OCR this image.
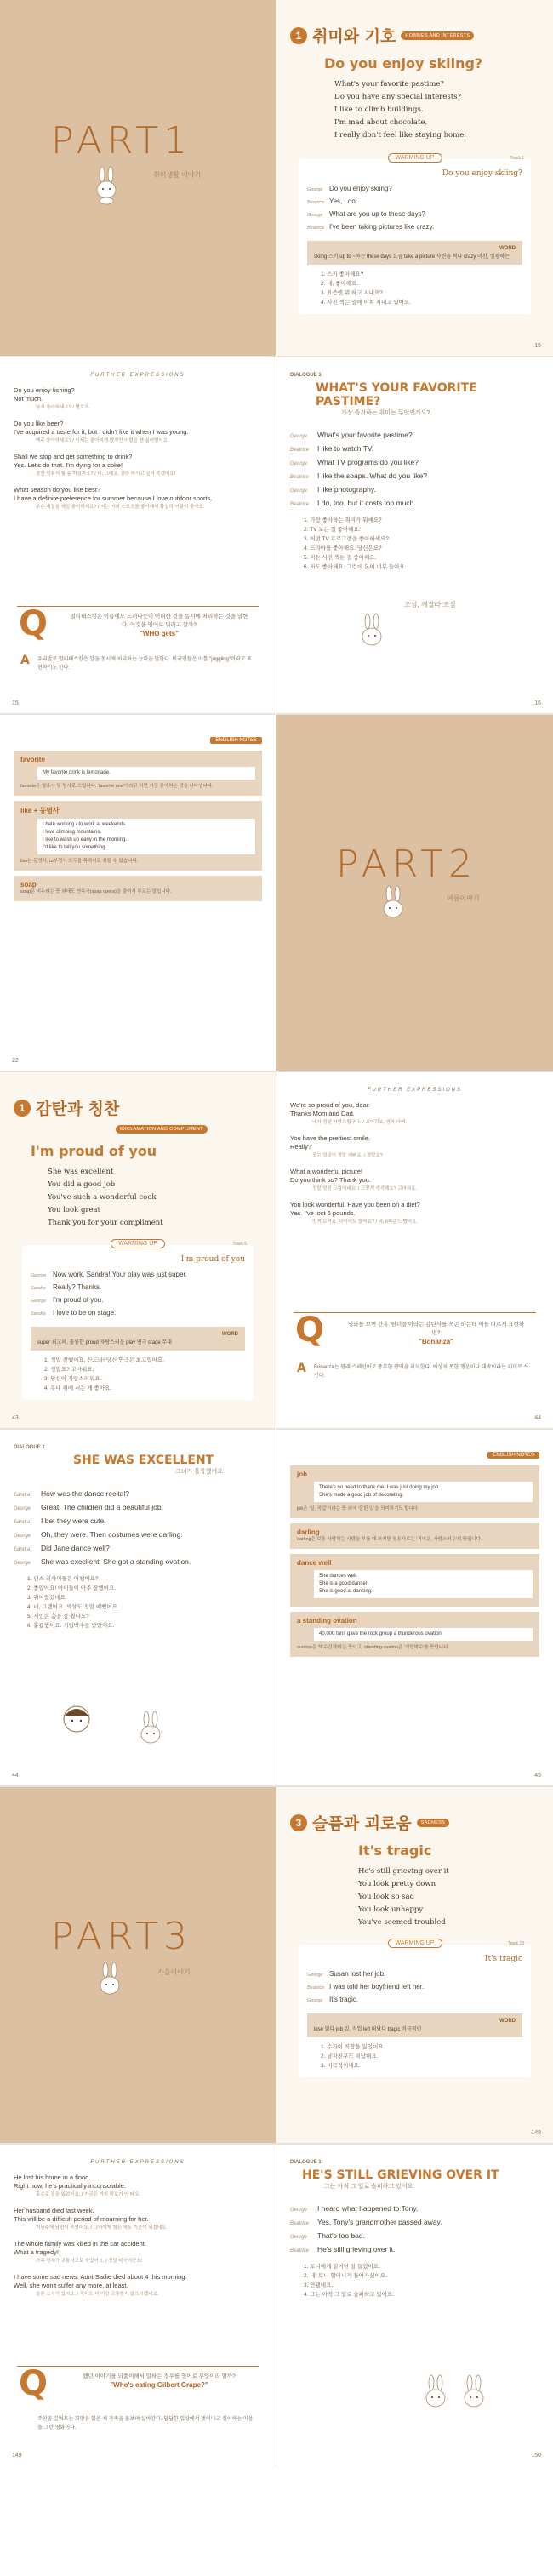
PART1
취미생활 이야기
1 취미와 기호	HOBBIES AND INTERESTS
Do you enjoy skiing?
What's your favorite pastime?
Do you have any special interests?
I like to climb buildings.
I'm mad about chocolate.
I really don't feel like staying home.
WARMING UP	Track 1
Do you enjoy skiing?
George Do you enjoy skiing?
Beatrice Yes, I do.
George What are you up to these days?
Beatrice I've been taking pictures like crazy.
WORD
skiing 스키 up to ~하는 these days 요즘 take a picture 사진을 찍다 crazy 미친, 열광하는
1. 스키 좋아해요?
2. 네, 좋아해요.
3. 요즘엔 뭐 하고 지내요?
4. 사진 찍는 일에 미쳐 지내고 있어요.
15
FURTHER EXPRESSIONS
Do you enjoy fishing?
Not much.
낚시 좋아하세요? / 별로요.
Do you like beer?
I've acquired a taste for it, but I didn't like it when I was young.
맥주 좋아하세요? / 이제는 좋아지게 됐지만 어렸을 땐 싫어했어요.
Shall we stop and get something to drink?
Yes. Let's do that. I'm dying for a coke!
잠깐 멈춰서 뭘 좀 마실까요? / 네, 그래요. 콜라 마시고 싶어 죽겠어요!
What season do you like best?
I have a definite preference for summer because I love outdoor sports.
무슨 계절을 제일 좋아하세요? / 저는 야외 스포츠를 좋아해서 확실히 여름이 좋아요.
Q	멀티태스킹은 이름에도 드러나듯이 어떠한 것을 동시에 처리하는 것을 말한다. 이것을 영어로 뭐라고 할까?
"WHO gets"
A 우리말로 멀티태스킹은 일을 동시에 처리하는 능력을 말한다. 미국인들은 이를 "juggling"이라고 표현하기도 한다.
15
DIALOGUE 1
WHAT'S YOUR FAVORITE PASTIME?
가장 즐겨하는 취미는 무엇인가요?
George What's your favorite pastime?
Beatrice I like to watch TV.
George What TV programs do you like?
Beatrice I like the soaps. What do you like?
George I like photography.
Beatrice I do, too, but it costs too much.
1. 가장 좋아하는 취미가 뭐예요?
2. TV 보는 걸 좋아해요.
3. 어떤 TV 프로그램을 좋아하세요?
4. 드라마를 좋아해요. 당신은요?
5. 저는 사진 찍는 걸 좋아해요.
6. 저도 좋아해요. 그런데 돈이 너무 들어요.
조심, 깨질라 조심
16
ENGLISH NOTES
favorite
My favorite drink is lemonade.
favorite은 형용사 및 명사로 쓰입니다. 'favorite one'이라고 하면 가장 좋아하는 것을 나타냅니다.
like + 동명사
I hate working / to work at weekends.
I love climbing mountains.
I like to wash up early in the morning.
I'd like to tell you something.
like는 동명사, to부정사 모두를 목적어로 취할 수 있습니다.
soap
soap은 비누라는 뜻 외에도 연속극(soap opera)을 줄여서 부르는 말입니다.
22
PART2
여름이야기
1 감탄과 칭찬
EXCLAMATION AND COMPLIMENT
I'm proud of you
She was excellent
You did a good job
You've such a wonderful cook
You look great
Thank you for your compliment
WARMING UP	Track 6
I'm proud of you
George Now work, Sandra! Your play was just super.
Sandra Really? Thanks.
George I'm proud of you.
Sandra I love to be on stage.
WORD
super 최고의, 훌륭한 proud 자랑스러운 play 연극 stage 무대
1. 정말 잘했어요, 산드라! 당신 연극은 최고였어요.
2. 정말요? 고마워요.
3. 당신이 자랑스러워요.
4. 무대 위에 서는 게 좋아요.
43
FURTHER EXPRESSIONS
We're so proud of you, dear.
Thanks Mom and Dad.
네가 정말 자랑스럽구나. / 고마워요, 엄마 아빠.
You have the prettiest smile.
Really?
웃는 얼굴이 정말 예뻐요. / 정말요?
What a wonderful picture!
Do you think so? Thank you.
정말 멋진 그림이네요! / 그렇게 생각해요? 고마워요.
You look wonderful. Have you been on a diet?
Yes. I've lost 6 pounds.
멋져 보여요. 다이어트 했어요? / 네, 6파운드 뺐어요.
Q	영화를 보면 간혹 '원더풀'이라는 감탄사를 쓰곤 하는데 이를 다르게 표현하면?
"Bonanza"
A Bonanza는 원래 스페인어로 풍부한 광맥을 의미한다. 예상치 못한 행운이나 대박이라는 의미로 쓰인다.
44
DIALOGUE 1
SHE WAS EXCELLENT
그녀가 훌륭했어요
Sandra How was the dance recital?
George Great! The children did a beautiful job.
Sandra I bet they were cute.
George Oh, they were. Then costumes were darling.
Sandra Did Jane dance well?
George She was excellent. She got a standing ovation.
1. 댄스 리사이틀은 어땠어요?
2. 좋았어요! 아이들이 아주 잘했어요.
3. 귀여웠겠네요.
4. 네, 그랬어요. 의상도 정말 예뻤어요.
5. 제인은 춤을 잘 췄나요?
6. 훌륭했어요. 기립박수를 받았어요.
44
ENGLISH NOTES
job
There's no need to thank me. I was just doing my job.
She's made a good job of decorating.
job은 '일, 직업'이라는 뜻 외에 '잘한 일'을 의미하기도 합니다.
darling
darling은 보통 사랑하는 사람을 부를 때 쓰지만 형용사로는 '귀여운, 사랑스러운'의 뜻입니다.
dance well
She dances well.
She is a good dancer.
She is good at dancing.
a standing ovation
40,000 fans gave the rock group a thunderous ovation.
ovation은 '박수갈채'라는 뜻이고, standing ovation은 '기립박수'를 뜻합니다.
45
PART3
가을이야기
3 슬픔과 괴로움	SADNESS
It's tragic
He's still grieving over it
You look pretty down
You look so sad
You look unhappy
You've seemed troubled
WARMING UP	Track 13
It's tragic
George Susan lost her job.
Beatrice I was told her boyfriend left her.
George It's tragic.
WORD
lose 잃다 job 일, 직업 left 떠났다 tragic 비극적인
1. 수잔이 직장을 잃었어요.
2. 남자친구도 떠났대요.
3. 비극적이네요.
148
FURTHER EXPRESSIONS
He lost his home in a flood.
Right now, he's practically inconsolable.
홍수로 집을 잃었어요. / 지금은 거의 위로가 안 돼요.
Her husband died last week.
This will be a difficult period of mourning for her.
지난주에 남편이 죽었어요. / 그녀에게 힘든 애도 기간이 되겠네요.
The whole family was killed in the car accident.
What a tragedy!
가족 전체가 교통사고로 죽었어요. / 정말 비극이군요!
I have some sad news. Aunt Sadie died about 4 this morning.
Well, she won't suffer any more, at least.
슬픈 소식이 있어요. / 적어도 더 이상 고통받지 않으시겠네요.
Q	했던 이야기를 되풀이해서 말하는 경우를 영어로 무엇이라 할까?
"Who's eating Gilbert Grape?"
주인공 길버트는 희망을 잃은 채 가족을 돌보며 살아간다. 답답한 일상에서 벗어나고 싶어하는 마음을 그린 영화이다.
149
DIALOGUE 1
HE'S STILL GRIEVING OVER IT
그는 아직 그 일로 슬퍼하고 있어요
George I heard what happened to Tony.
Beatrice Yes, Tony's grandmother passed away.
George That's too bad.
Beatrice He's still grieving over it.
1. 토니에게 일어난 일 들었어요.
2. 네, 토니 할머니가 돌아가셨어요.
3. 안됐네요.
4. 그는 아직 그 일로 슬퍼하고 있어요.
150
